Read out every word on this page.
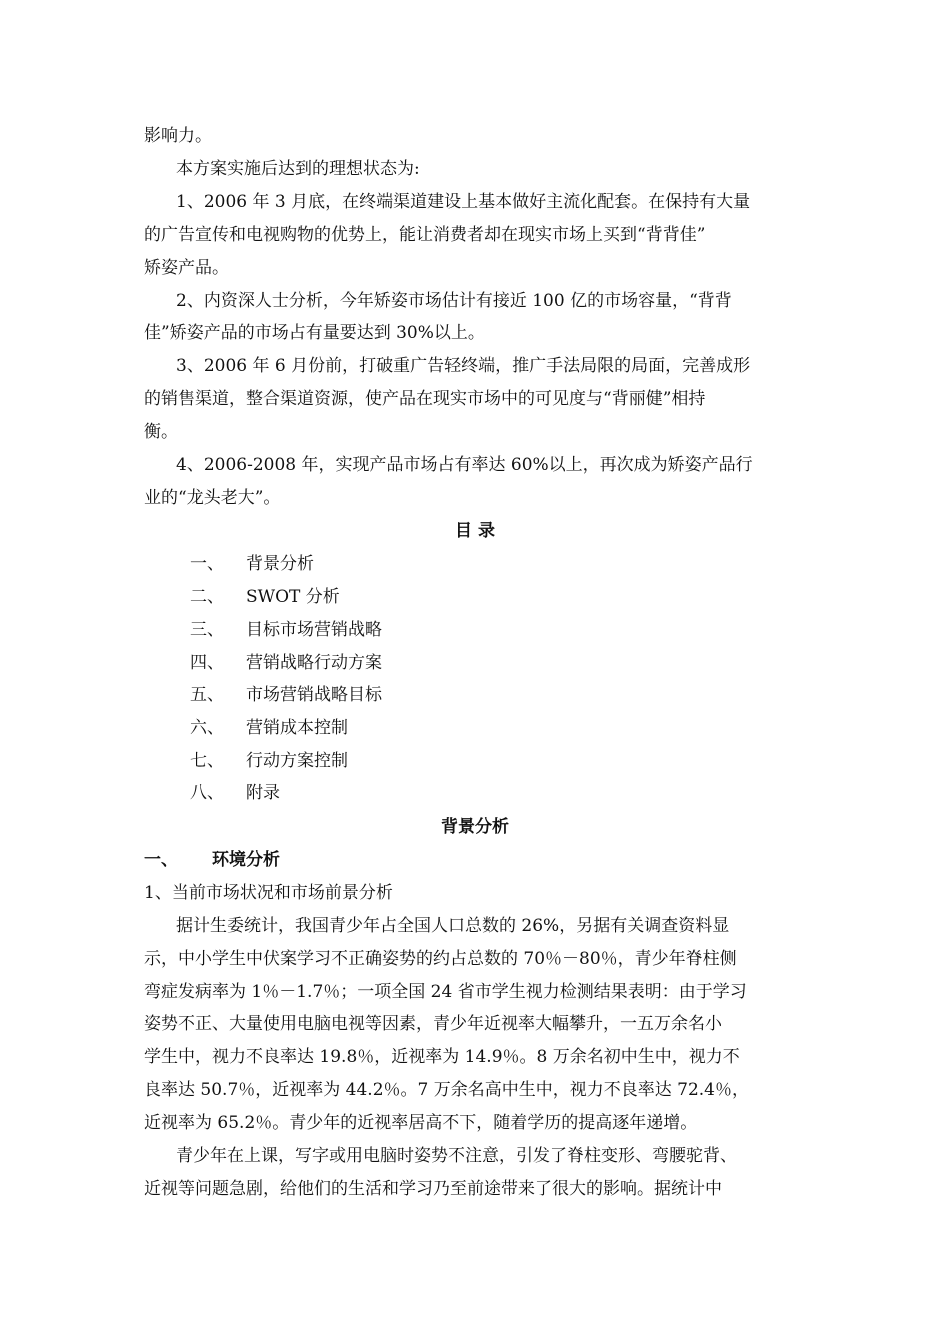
影响力。
本方案实施后达到的理想状态为:
1、2006 年 3 月底，在终端渠道建设上基本做好主流化配套。在保持有大量
的广告宣传和电视购物的优势上，能让消费者却在现实市场上买到“背背佳”
矫姿产品。
2、内资深人士分析，今年矫姿市场估计有接近 100 亿的市场容量，“背背
佳”矫姿产品的市场占有量要达到 30%以上。
3、2006 年 6 月份前，打破重广告轻终端，推广手法局限的局面，完善成形
的销售渠道，整合渠道资源，使产品在现实市场中的可见度与“背丽健”相持
衡。
4、2006-2008 年，实现产品市场占有率达 60%以上，再次成为矫姿产品行
业的“龙头老大”。
目 录
一、 背景分析
二、 SWOT 分析
三、 目标市场营销战略
四、 营销战略行动方案
五、 市场营销战略目标
六、 营销成本控制
七、 行动方案控制
八、 附录
背景分析
一、 环境分析
1、当前市场状况和市场前景分析
据计生委统计，我国青少年占全国人口总数的 26%，另据有关调查资料显
示，中小学生中伏案学习不正确姿势的约占总数的 70％－80％，青少年脊柱侧
弯症发病率为 1％－1.7％；一项全国 24 省市学生视力检测结果表明：由于学习
姿势不正、大量使用电脑电视等因素，青少年近视率大幅攀升，一五万余名小
学生中，视力不良率达 19.8％，近视率为 14.9％。8 万余名初中生中，视力不
良率达 50.7％，近视率为 44.2％。7 万余名高中生中，视力不良率达 72.4％，
近视率为 65.2％。青少年的近视率居高不下，随着学历的提高逐年递增。
青少年在上课，写字或用电脑时姿势不注意，引发了脊柱变形、弯腰驼背、
近视等问题急剧，给他们的生活和学习乃至前途带来了很大的影响。据统计中
